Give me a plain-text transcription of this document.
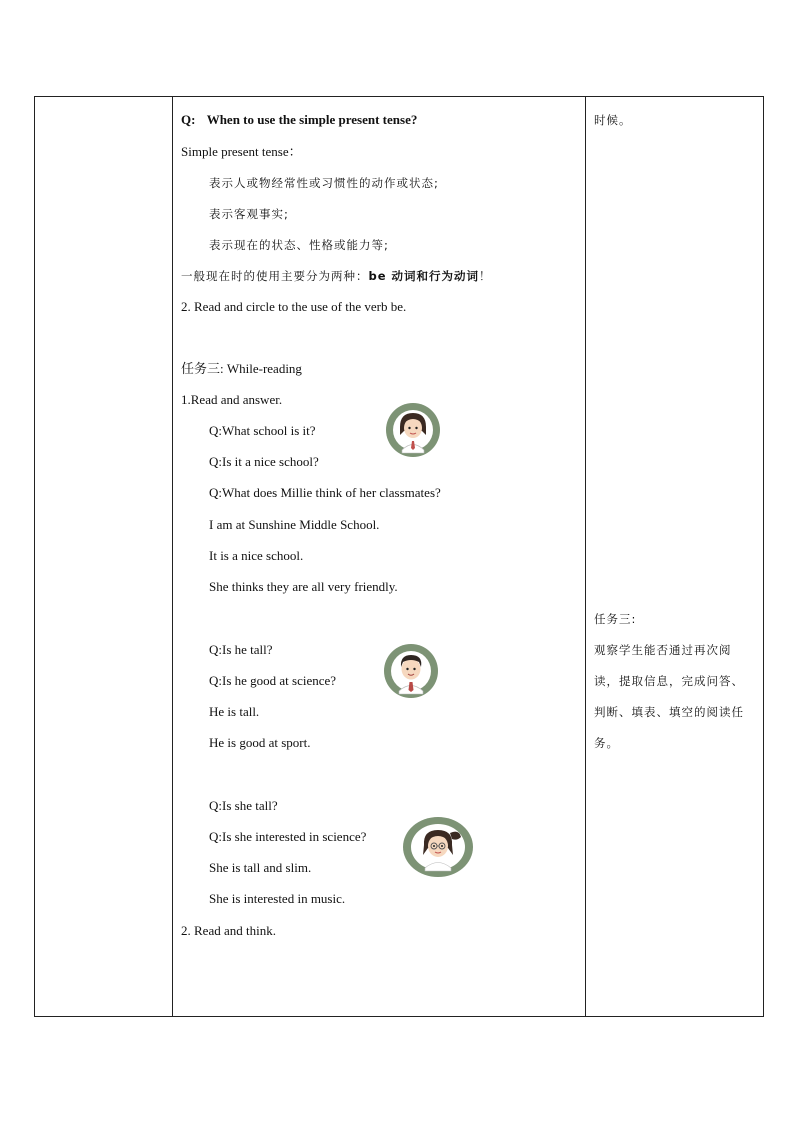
Q: When to use the simple present tense?
Simple present tense：
表示人或物经常性或习惯性的动作或状态;
表示客观事实;
表示现在的状态、性格或能力等;
一般现在时的使用主要分为两种：be 动词和行为动词！
2. Read and circle to the use of the verb be.
任务三: While-reading
1.Read and answer.
Q:What school is it?
Q:Is it a nice school?
Q:What does Millie think of her classmates?
I am at Sunshine Middle School.
It is a nice school.
She thinks they are all very friendly.
Q:Is he tall?
Q:Is he good at science?
He is tall.
He is good at sport.
Q:Is she tall?
Q:Is she interested in science?
She is tall and slim.
She is interested in music.
2. Read and think.

时候。
任务三:
观察学生能否通过再次阅
读，提取信息，完成问答、
判断、填表、填空的阅读任
务。
